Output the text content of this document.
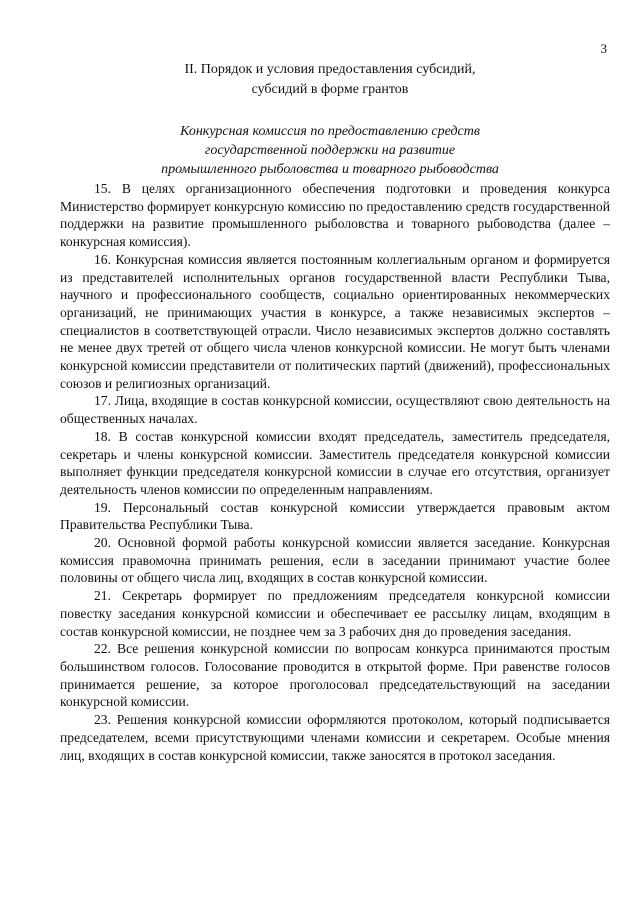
3
II. Порядок и условия предоставления субсидий,
субсидий в форме грантов
Конкурсная комиссия по предоставлению средств
государственной поддержки на развитие
промышленного рыболовства и товарного рыбоводства

15. В целях организационного обеспечения подготовки и проведения конкурса Министерство формирует конкурсную комиссию по предоставлению средств государственной поддержки на развитие промышленного рыболовства и товарного рыбоводства (далее – конкурсная комиссия).

16. Конкурсная комиссия является постоянным коллегиальным органом и формируется из представителей исполнительных органов государственной власти Республики Тыва, научного и профессионального сообществ, социально ориентированных некоммерческих организаций, не принимающих участия в конкурсе, а также независимых экспертов – специалистов в соответствующей отрасли. Число независимых экспертов должно составлять не менее двух третей от общего числа членов конкурсной комиссии. Не могут быть членами конкурсной комиссии представители от политических партий (движений), профессиональных союзов и религиозных организаций.

17. Лица, входящие в состав конкурсной комиссии, осуществляют свою деятельность на общественных началах.

18. В состав конкурсной комиссии входят председатель, заместитель председателя, секретарь и члены конкурсной комиссии. Заместитель председателя конкурсной комиссии выполняет функции председателя конкурсной комиссии в случае его отсутствия, организует деятельность членов комиссии по определенным направлениям.

19. Персональный состав конкурсной комиссии утверждается правовым актом Правительства Республики Тыва.

20. Основной формой работы конкурсной комиссии является заседание. Конкурсная комиссия правомочна принимать решения, если в заседании принимают участие более половины от общего числа лиц, входящих в состав конкурсной комиссии.

21. Секретарь формирует по предложениям председателя конкурсной комиссии повестку заседания конкурсной комиссии и обеспечивает ее рассылку лицам, входящим в состав конкурсной комиссии, не позднее чем за 3 рабочих дня до проведения заседания.

22. Все решения конкурсной комиссии по вопросам конкурса принимаются простым большинством голосов. Голосование проводится в открытой форме. При равенстве голосов принимается решение, за которое проголосовал председательствующий на заседании конкурсной комиссии.

23. Решения конкурсной комиссии оформляются протоколом, который подписывается председателем, всеми присутствующими членами комиссии и секретарем. Особые мнения лиц, входящих в состав конкурсной комиссии, также заносятся в протокол заседания.
